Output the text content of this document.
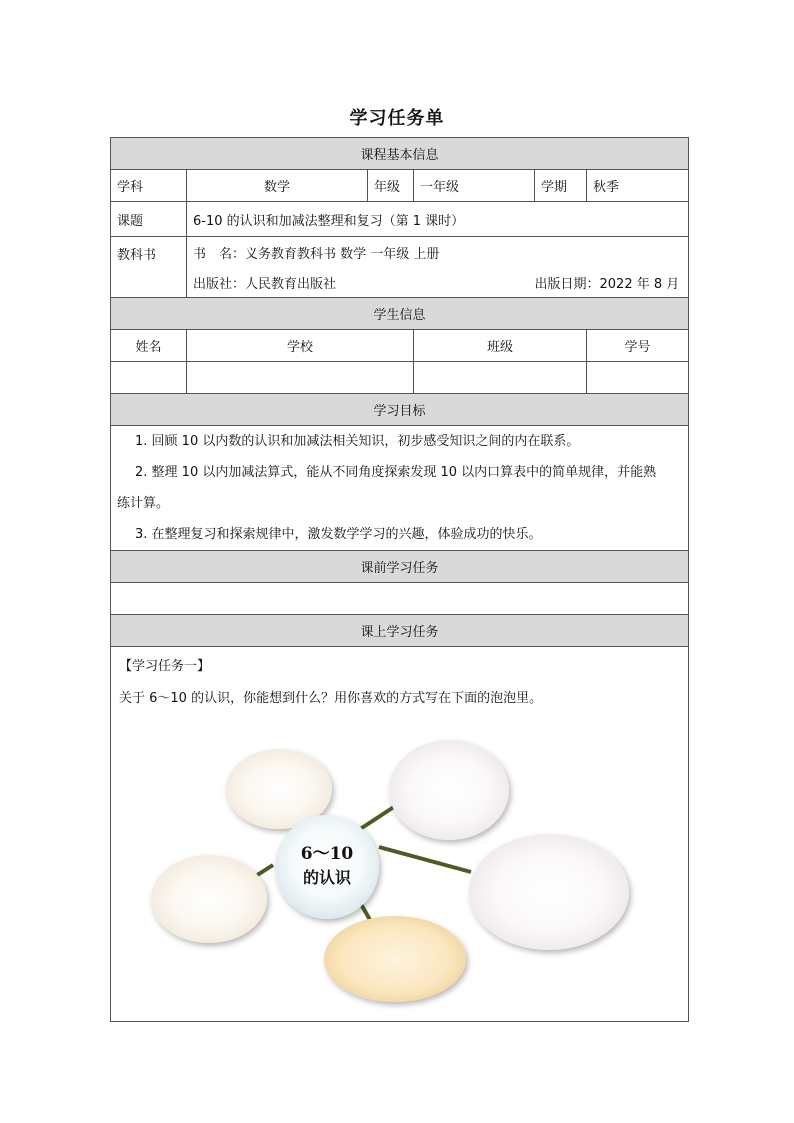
学习任务单
课程基本信息					
学科	数学	年级	一年级	学期	秋季
课题	6-10 的认识和加减法整理和复习（第 1 课时）				
教科书	书　名：义务教育教科书 数学 一年级 上册				
	出版社：人民教育出版社			出版日期：2022 年 8 月	
学生信息					
姓名	学校		班级		学号

学习目标					

1. 回顾 10 以内数的认识和加减法相关知识，初步感受知识之间的内在联系。

2. 整理 10 以内加减法算式，能从不同角度探索发现 10 以内口算表中的简单规律，并能熟

练计算。

3. 在整理复习和探索规律中，激发数学学习的兴趣，体验成功的快乐。					

课前学习任务					

课上学习任务					

6～10
的认识
【学习任务一】
关于 6～10 的认识，你能想到什么？用你喜欢的方式写在下面的泡泡里。					
